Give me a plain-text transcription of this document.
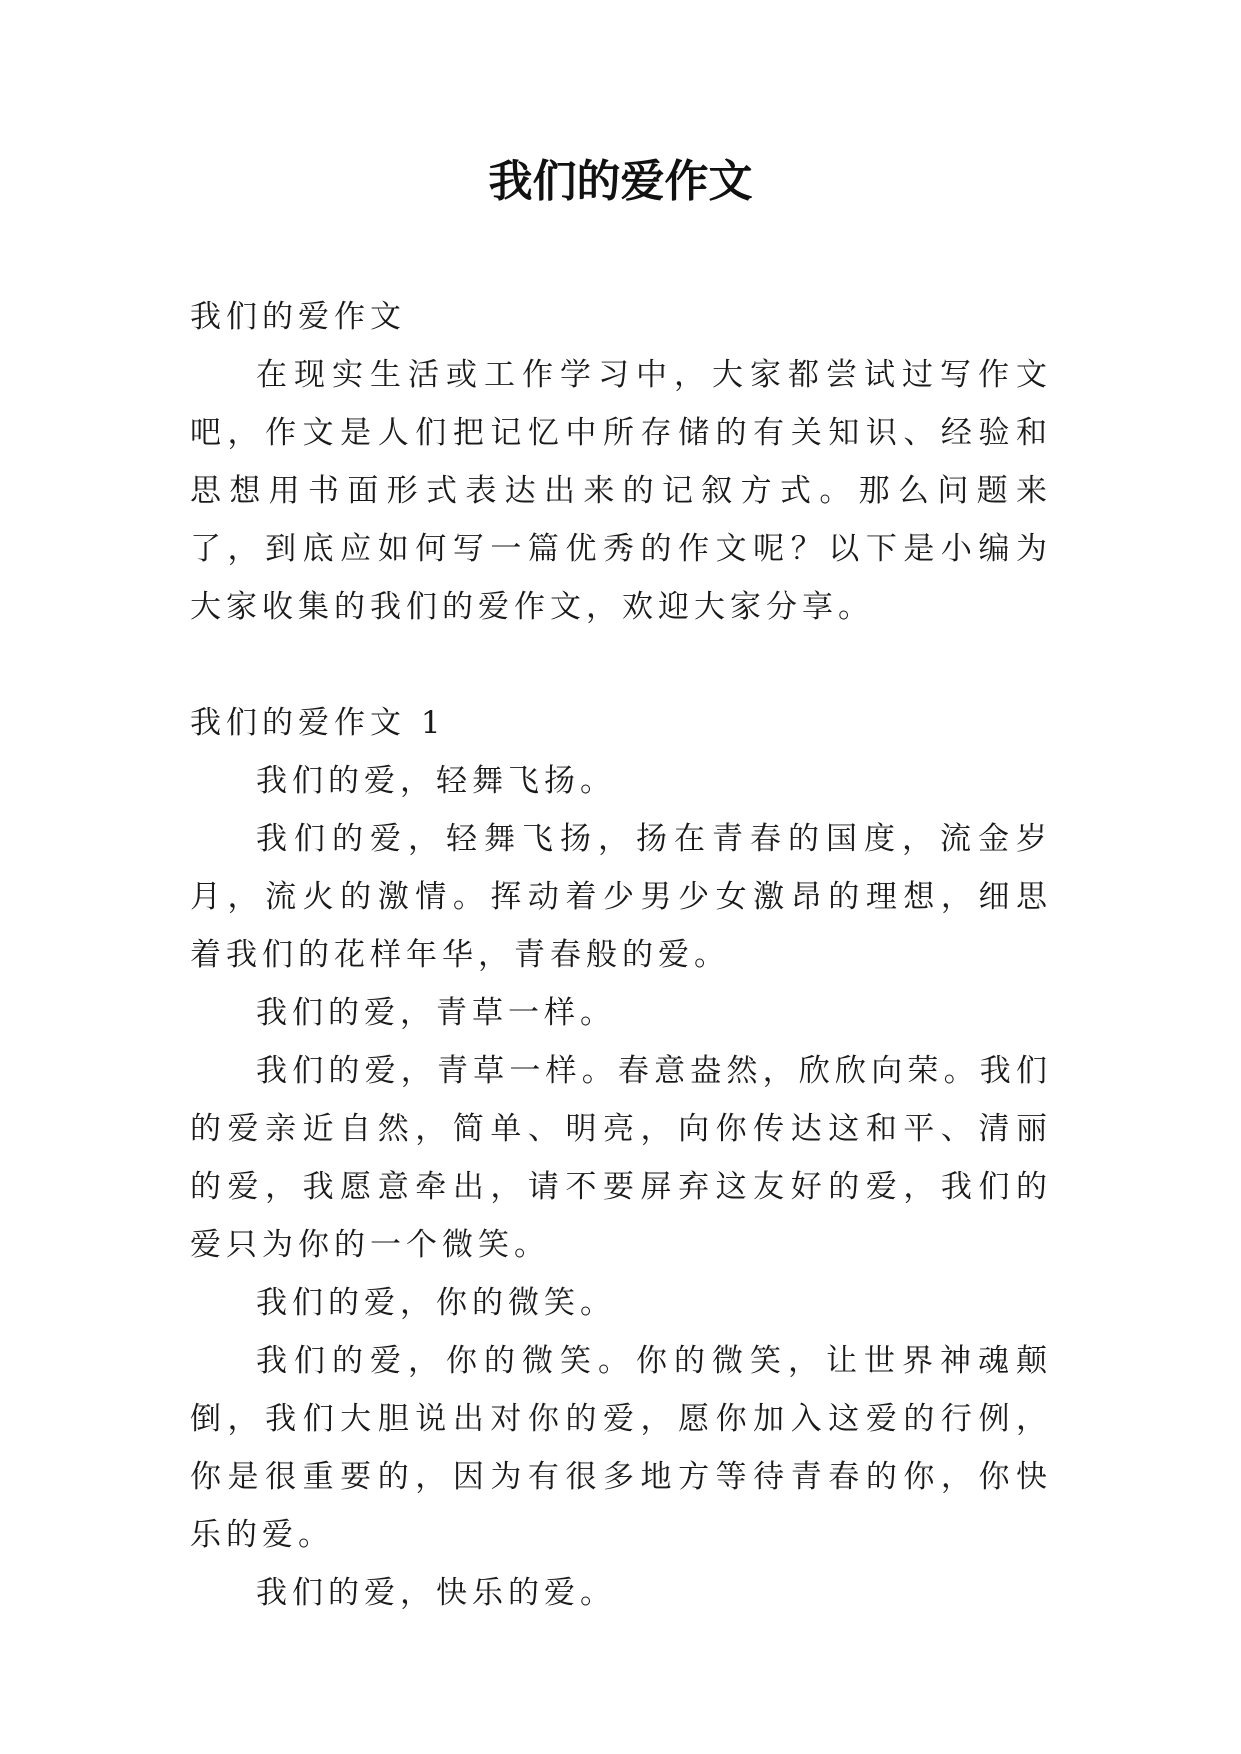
我们的爱作文

我们的爱作文

在现实生活或工作学习中，大家都尝试过写作文吧，作文是人们把记忆中所存储的有关知识、经验和思想用书面形式表达出来的记叙方式。那么问题来了，到底应如何写一篇优秀的作文呢？以下是小编为大家收集的我们的爱作文，欢迎大家分享。

我们的爱作文 1

我们的爱，轻舞飞扬。

我们的爱，轻舞飞扬，扬在青春的国度，流金岁月，流火的激情。挥动着少男少女激昂的理想，细思着我们的花样年华，青春般的爱。

我们的爱，青草一样。

我们的爱，青草一样。春意盎然，欣欣向荣。我们的爱亲近自然，简单、明亮，向你传达这和平、清丽的爱，我愿意牵出，请不要屏弃这友好的爱，我们的爱只为你的一个微笑。

我们的爱，你的微笑。

我们的爱，你的微笑。你的微笑，让世界神魂颠倒，我们大胆说出对你的爱，愿你加入这爱的行例，你是很重要的，因为有很多地方等待青春的你，你快乐的爱。

我们的爱，快乐的爱。
